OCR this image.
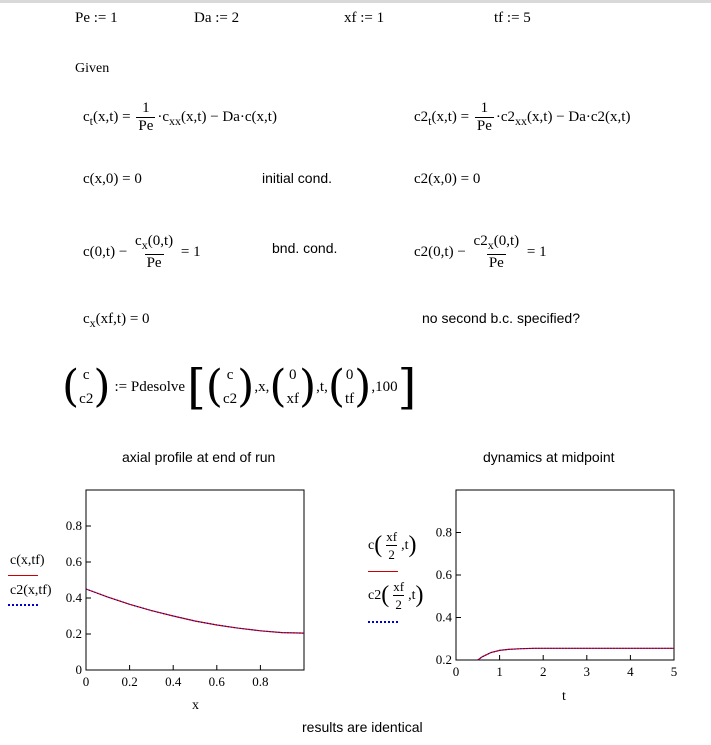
Pe := 1	Da := 2	xf := 1	tf := 5
Given
$c_t(x,t) = \frac{1}{Pe} \cdot c_{xx}(x,t) - Da\cdot c(x,t)$	$c2_t(x,t) = \frac{1}{Pe} \cdot c2_{xx}(x,t) - Da\cdot c2(x,t)$
c(x,0) = 0	initial cond.	c2(x,0) = 0
$c(0,t) - \frac{c_x(0,t)}{Pe} = 1$	bnd. cond.	$c2(0,t) - \frac{c2_x(0,t)}{Pe} = 1$
$c_x(xf,t) = 0$	no second b.c. specified?
( c
c2 ) := Pdesolve [ ( c
c2 ) ,x, ( 0
xf ) ,t, ( 0
tf ) ,100 ]
axial profile at end of run	dynamics at midpoint
0 0.2 0.4 0.6 0.8
0
0.2
0.4
0.6
0.8
c(x,tf)
c2(x,tf)
x
0	1	2	3	4	5
0.2
0.4
0.6
0.8
c ( $\frac{xf}{2} ,t$ )
c2 ( $\frac{xf}{2} ,t$ )
t
results are identical
